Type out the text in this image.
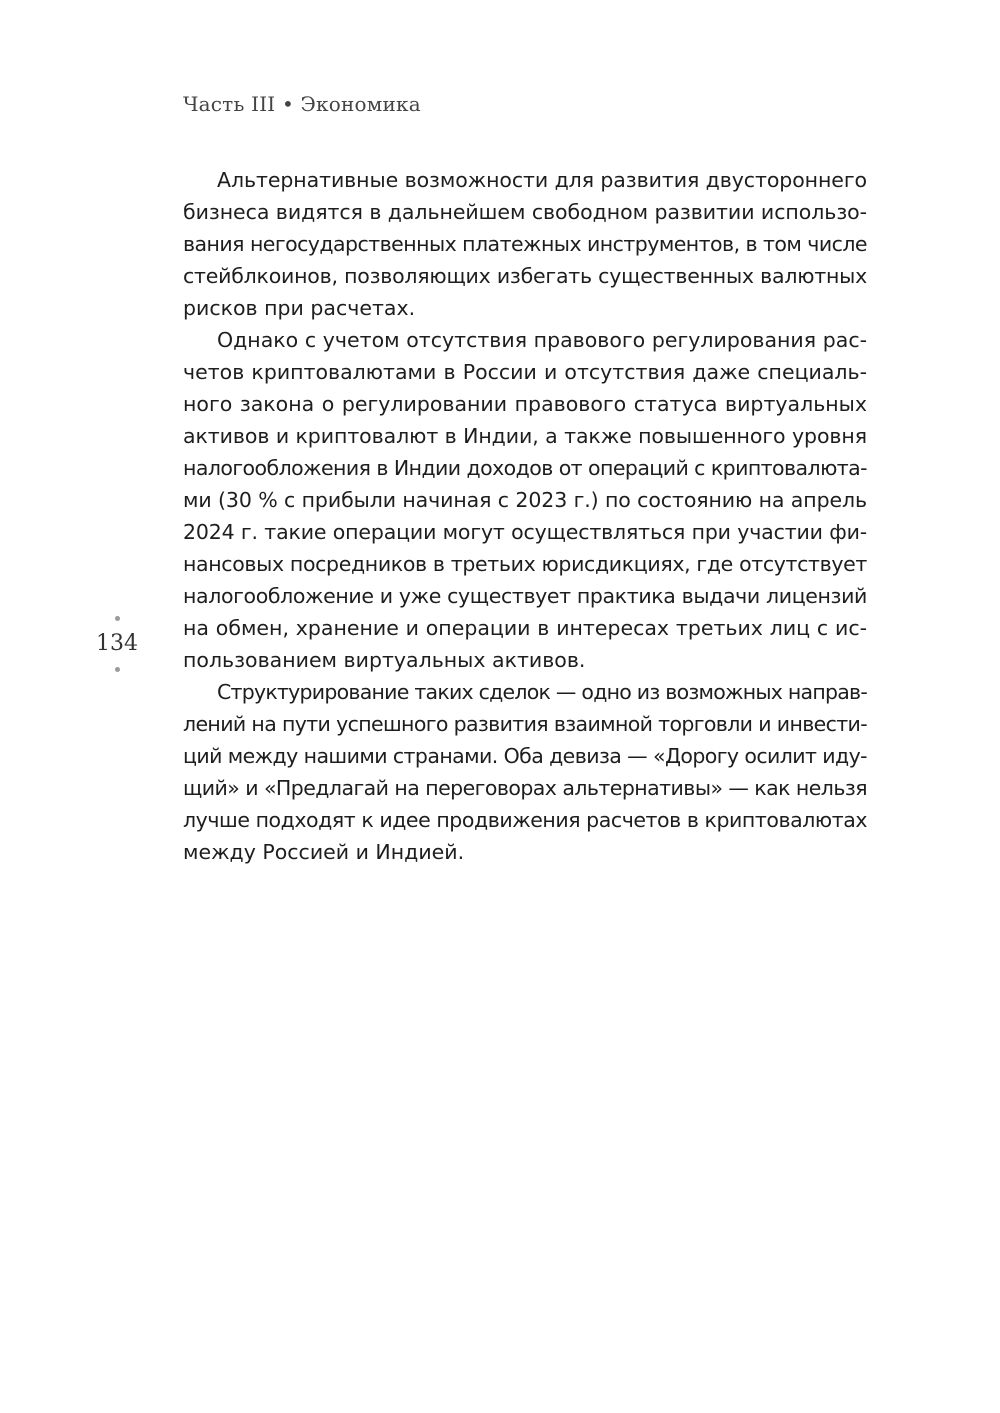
Часть III • Экономика
134
Альтернативные возможности для развития двустороннего
бизнеса видятся в дальнейшем свободном развитии использо-
вания негосударственных платежных инструментов, в том числе
стейблкоинов, позволяющих избегать существенных валютных
рисков при расчетах.
Однако с учетом отсутствия правового регулирования рас-
четов криптовалютами в России и отсутствия даже специаль-
ного закона о регулировании правового статуса виртуальных
активов и криптовалют в Индии, а также повышенного уровня
налогообложения в Индии доходов от операций с криптовалюта-
ми (30 % с прибыли начиная с 2023 г.) по состоянию на апрель
2024 г. такие операции могут осуществляться при участии фи-
нансовых посредников в третьих юрисдикциях, где отсутствует
налогообложение и уже существует практика выдачи лицензий
на обмен, хранение и операции в интересах третьих лиц с ис-
пользованием виртуальных активов.
Структурирование таких сделок — одно из возможных направ-
лений на пути успешного развития взаимной торговли и инвести-
ций между нашими странами. Оба девиза — «Дорогу осилит иду-
щий» и «Предлагай на переговорах альтернативы» — как нельзя
лучше подходят к идее продвижения расчетов в криптовалютах
между Россией и Индией.
